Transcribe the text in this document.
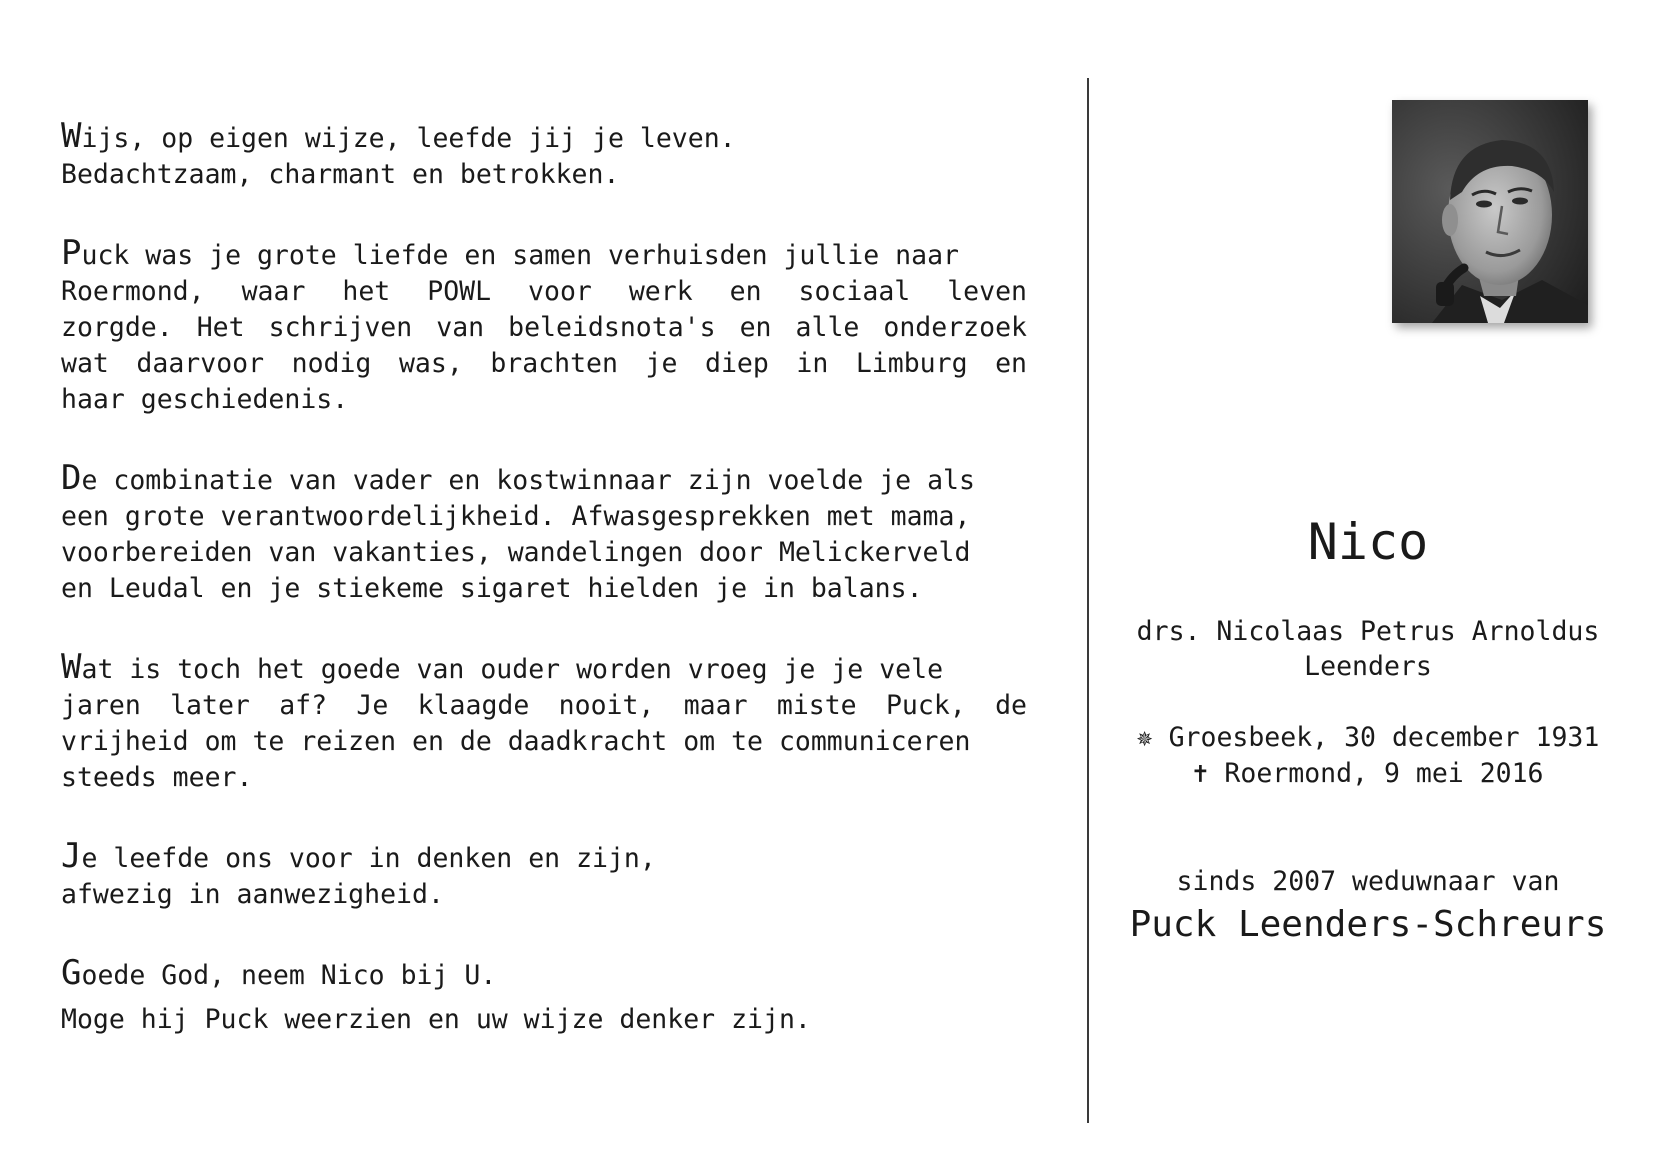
Wijs, op eigen wijze, leefde jij je leven.
Bedachtzaam, charmant en betrokken.
Puck was je grote liefde en samen verhuisden jullie naar
Roermond, waar het POWL voor werk en sociaal leven
zorgde. Het schrijven van beleidsnota's en alle onderzoek
wat daarvoor nodig was, brachten je diep in Limburg en
haar geschiedenis.
De combinatie van vader en kostwinnaar zijn voelde je als
een grote verantwoordelijkheid. Afwasgesprekken met mama,
voorbereiden van vakanties, wandelingen door Melickerveld
en Leudal en je stiekeme sigaret hielden je in balans.
Wat is toch het goede van ouder worden vroeg je je vele
jaren later af? Je klaagde nooit, maar miste Puck, de
vrijheid om te reizen en de daadkracht om te communiceren
steeds meer.
Je leefde ons voor in denken en zijn,
afwezig in aanwezigheid.
Goede God, neem Nico bij U.
Moge hij Puck weerzien en uw wijze denker zijn.
Nico
drs. Nicolaas Petrus Arnoldus
Leenders
✵ Groesbeek, 30 december 1931
✝ Roermond, 9 mei 2016
sinds 2007 weduwnaar van
Puck Leenders-Schreurs
